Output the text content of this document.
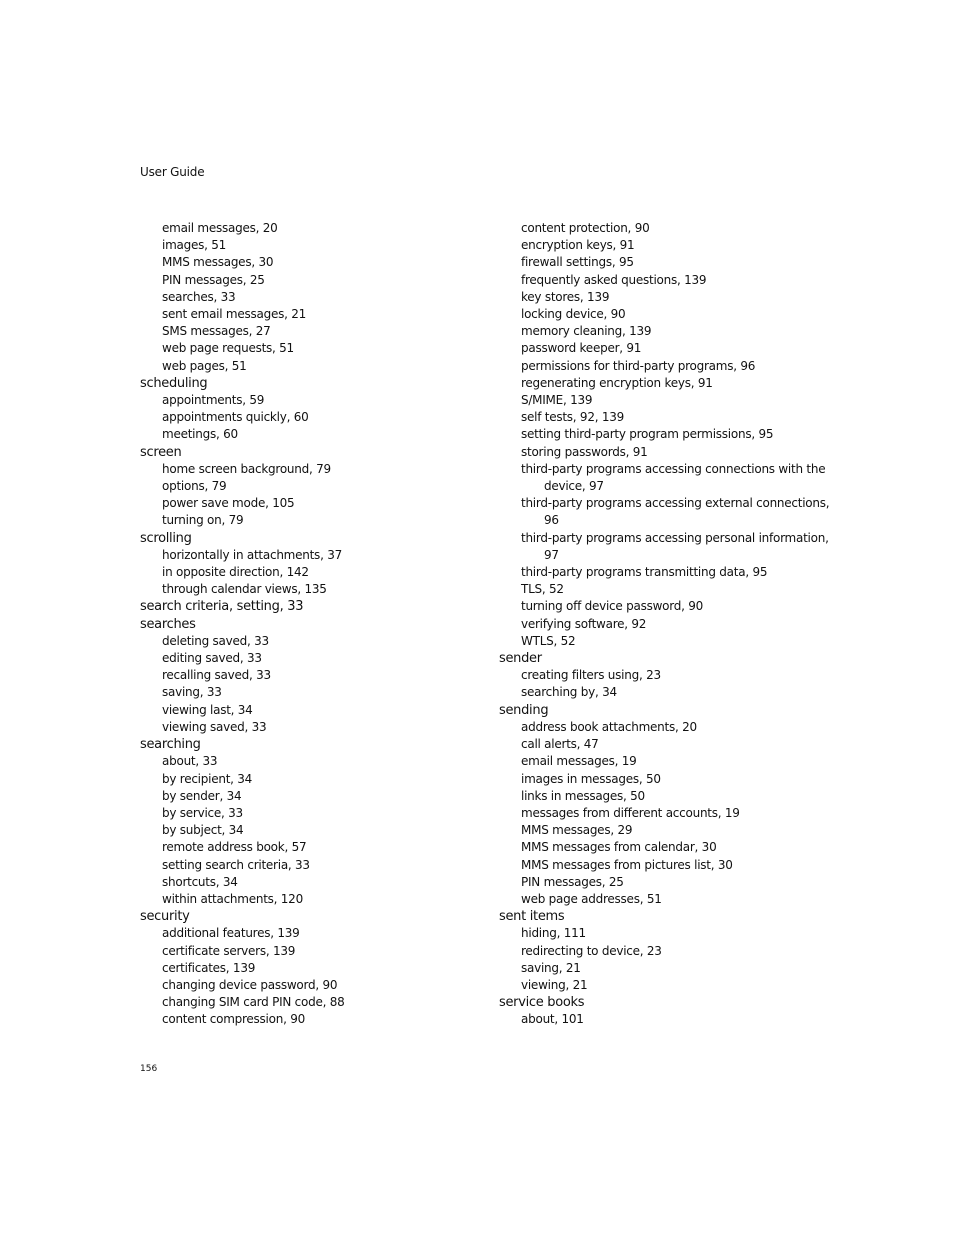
User Guide
email messages, 20
images, 51
MMS messages, 30
PIN messages, 25
searches, 33
sent email messages, 21
SMS messages, 27
web page requests, 51
web pages, 51
scheduling
appointments, 59
appointments quickly, 60
meetings, 60
screen
home screen background, 79
options, 79
power save mode, 105
turning on, 79
scrolling
horizontally in attachments, 37
in opposite direction, 142
through calendar views, 135
search criteria, setting, 33
searches
deleting saved, 33
editing saved, 33
recalling saved, 33
saving, 33
viewing last, 34
viewing saved, 33
searching
about, 33
by recipient, 34
by sender, 34
by service, 33
by subject, 34
remote address book, 57
setting search criteria, 33
shortcuts, 34
within attachments, 120
security
additional features, 139
certificate servers, 139
certificates, 139
changing device password, 90
changing SIM card PIN code, 88
content compression, 90
content protection, 90
encryption keys, 91
firewall settings, 95
frequently asked questions, 139
key stores, 139
locking device, 90
memory cleaning, 139
password keeper, 91
permissions for third-party programs, 96
regenerating encryption keys, 91
S/MIME, 139
self tests, 92, 139
setting third-party program permissions, 95
storing passwords, 91
third-party programs accessing connections with the
device, 97
third-party programs accessing external connections,
96
third-party programs accessing personal information,
97
third-party programs transmitting data, 95
TLS, 52
turning off device password, 90
verifying software, 92
WTLS, 52
sender
creating filters using, 23
searching by, 34
sending
address book attachments, 20
call alerts, 47
email messages, 19
images in messages, 50
links in messages, 50
messages from different accounts, 19
MMS messages, 29
MMS messages from calendar, 30
MMS messages from pictures list, 30
PIN messages, 25
web page addresses, 51
sent items
hiding, 111
redirecting to device, 23
saving, 21
viewing, 21
service books
about, 101
156
